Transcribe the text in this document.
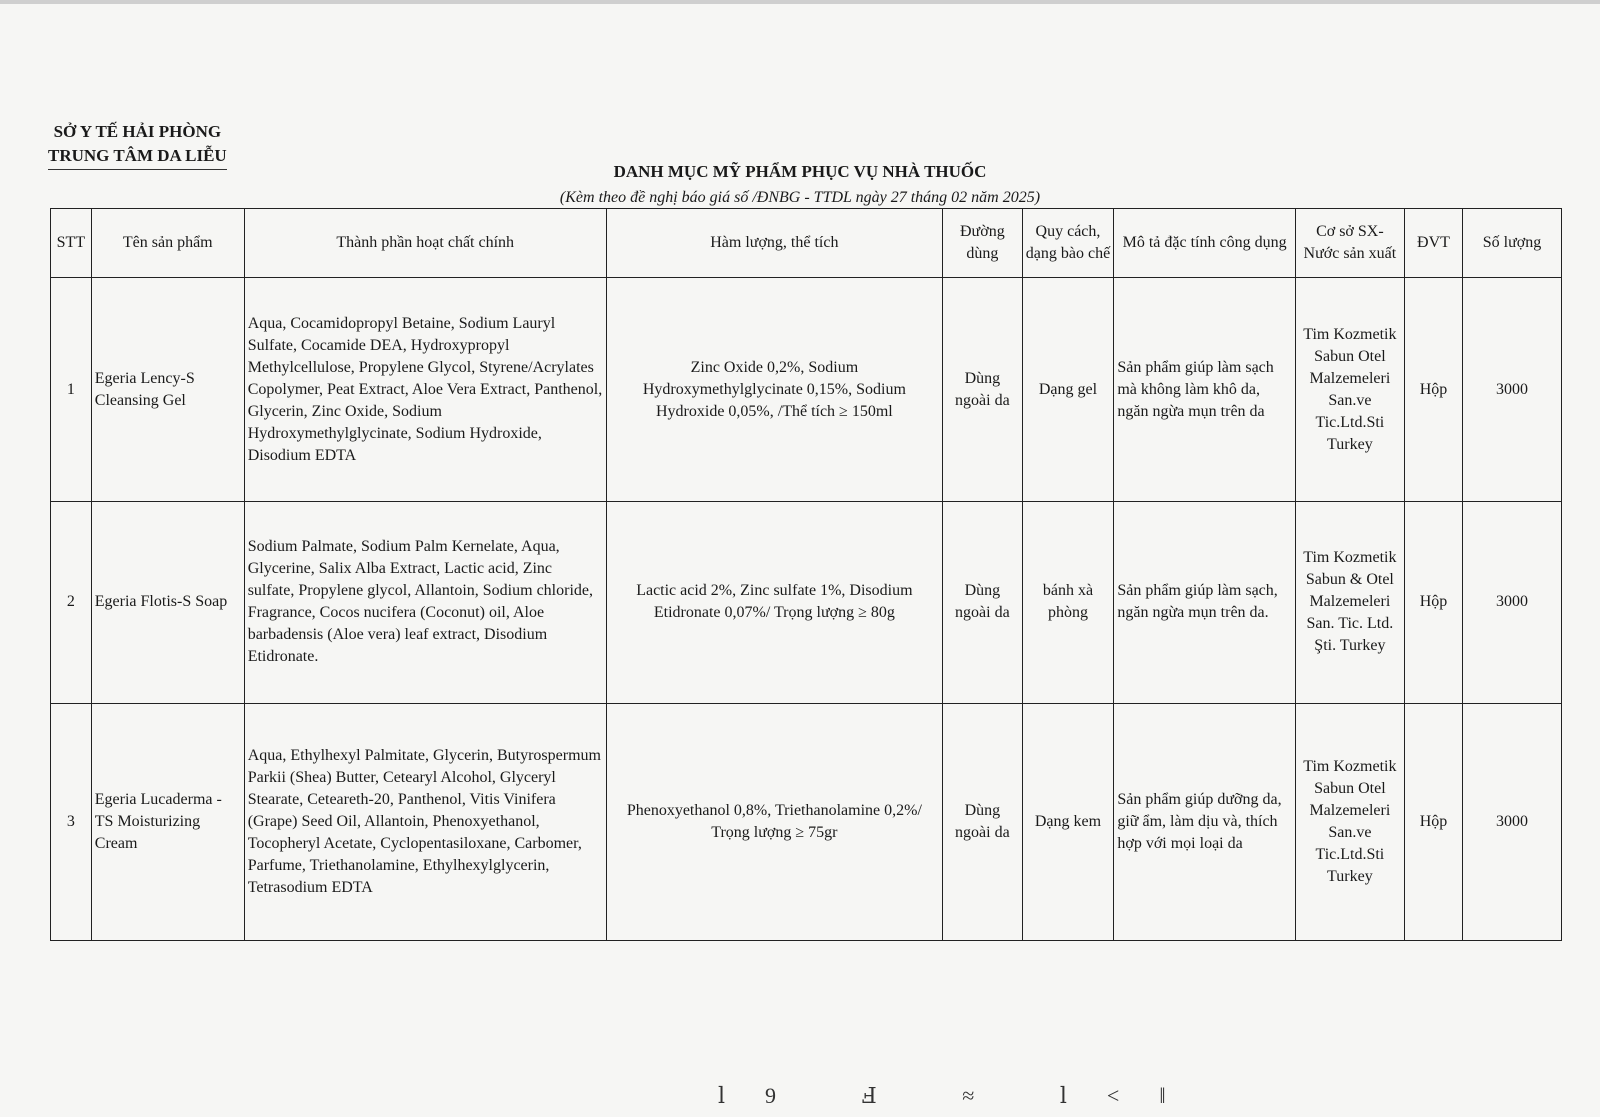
SỞ Y TẾ HẢI PHÒNG
TRUNG TÂM DA LIỄU
DANH MỤC MỸ PHẨM PHỤC VỤ NHÀ THUỐC
(Kèm theo đề nghị báo giá số /ĐNBG - TTDL ngày 27 tháng 02 năm 2025)
STT	Tên sản phẩm	Thành phần hoạt chất chính	Hàm lượng, thể tích	Đường dùng	Quy cách, dạng bào chế	Mô tả đặc tính công dụng	Cơ sở SX-Nước sản xuất	ĐVT	Số lượng
1	Egeria Lency-S Cleansing Gel	Aqua, Cocamidopropyl Betaine, Sodium Lauryl Sulfate, Cocamide DEA, Hydroxypropyl Methylcellulose, Propylene Glycol, Styrene/Acrylates Copolymer, Peat Extract, Aloe Vera Extract, Panthenol, Glycerin, Zinc Oxide, Sodium Hydroxymethylglycinate, Sodium Hydroxide, Disodium EDTA	Zinc Oxide 0,2%, Sodium Hydroxymethylglycinate 0,15%, Sodium Hydroxide 0,05%, /Thể tích ≥ 150ml	Dùng ngoài da	Dạng gel	Sản phẩm giúp làm sạch mà không làm khô da, ngăn ngừa mụn trên da	Tim Kozmetik Sabun Otel Malzemeleri San.ve Tic.Ltd.Sti Turkey	Hộp	3000
2	Egeria Flotis-S Soap	Sodium Palmate, Sodium Palm Kernelate, Aqua, Glycerine, Salix Alba Extract, Lactic acid, Zinc sulfate, Propylene glycol, Allantoin, Sodium chloride, Fragrance, Cocos nucifera (Coconut) oil, Aloe barbadensis (Aloe vera) leaf extract, Disodium Etidronate.	Lactic acid 2%, Zinc sulfate 1%, Disodium Etidronate 0,07%/ Trọng lượng ≥ 80g	Dùng ngoài da	bánh xà phòng	Sản phẩm giúp làm sạch, ngăn ngừa mụn trên da.	Tim Kozmetik Sabun & Otel Malzemeleri San. Tic. Ltd. Şti. Turkey	Hộp	3000
3	Egeria Lucaderma - TS Moisturizing Cream	Aqua, Ethylhexyl Palmitate, Glycerin, Butyrospermum Parkii (Shea) Butter, Cetearyl Alcohol, Glyceryl Stearate, Ceteareth-20, Panthenol, Vitis Vinifera (Grape) Seed Oil, Allantoin, Phenoxyethanol, Tocopheryl Acetate, Cyclopentasiloxane, Carbomer, Parfume, Triethanolamine, Ethylhexylglycerin, Tetrasodium EDTA	Phenoxyethanol 0,8%, Triethanolamine 0,2%/ Trọng lượng ≥ 75gr	Dùng ngoài da	Dạng kem	Sản phẩm giúp dưỡng da, giữ ẩm, làm dịu và, thích hợp với mọi loại da	Tim Kozmetik Sabun Otel Malzemeleri San.ve Tic.Ltd.Sti Turkey	Hộp	3000
ⅼ9 Ⅎ ≈ ⅼ<ǁ
